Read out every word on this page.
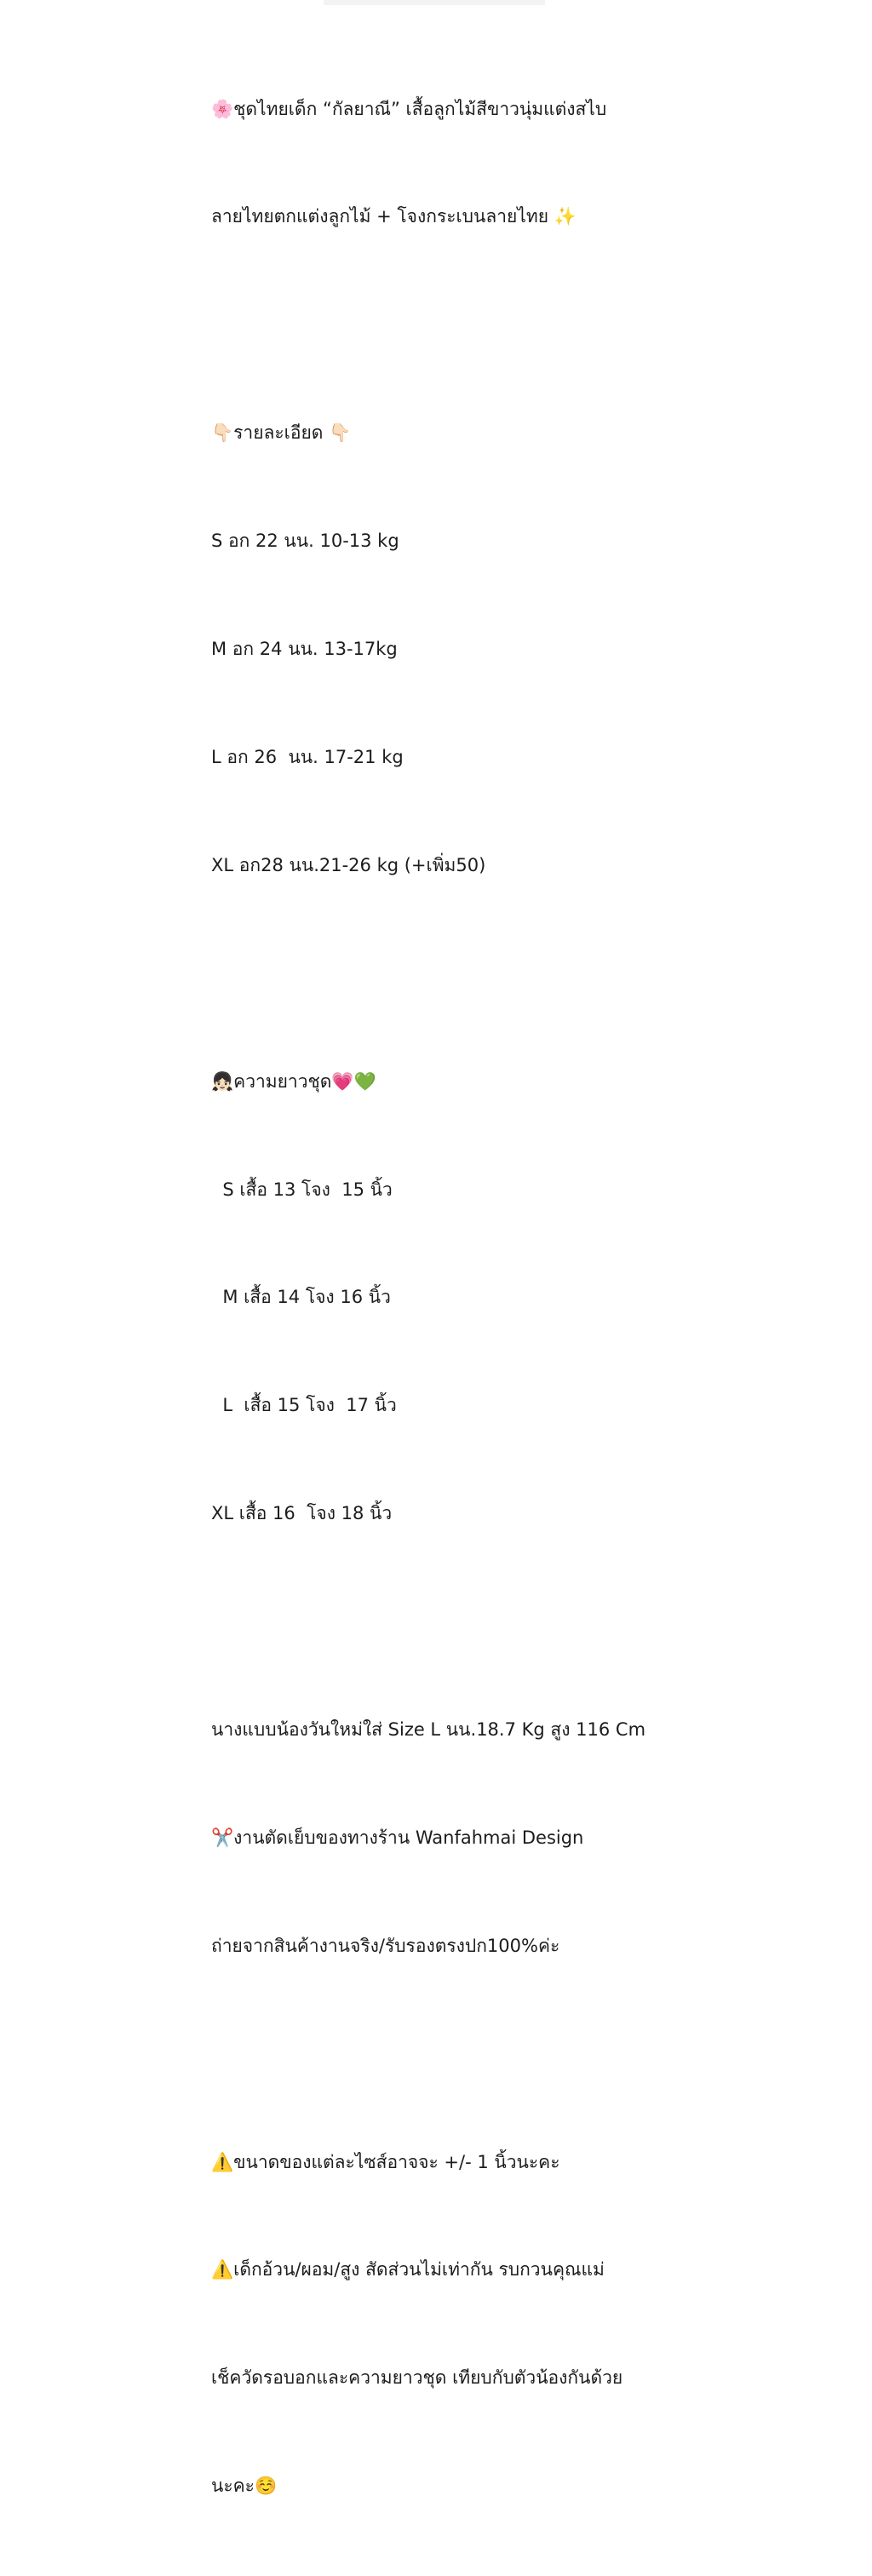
🌸ชุดไทยเด็ก “กัลยาณี” เสื้อลูกไม้สีขาวนุ่มแต่งสไบ

ลายไทยตกแต่งลูกไม้ + โจงกระเบนลายไทย ✨

👇🏻รายละเอียด 👇🏻

S อก 22 นน. 10-13 kg

M อก 24 นน. 13-17kg

L อก 26  นน. 17-21 kg

XL อก28 นน.21-26 kg (+เพิ่ม50)

👧🏻ความยาวชุด💗💚

S เสื้อ 13 โจง  15 นิ้ว

M เสื้อ 14 โจง 16 นิ้ว

L  เสื้อ 15 โจง  17 นิ้ว

XL เสื้อ 16  โจง 18 นิ้ว

นางแบบน้องวันใหม่ใส่ Size L นน.18.7 Kg สูง 116 Cm

✂️งานตัดเย็บของทางร้าน Wanfahmai Design

ถ่ายจากสินค้างานจริง/รับรองตรงปก100%ค่ะ

⚠️ขนาดของแต่ละไซส์อาจจะ +/- 1 นิ้วนะคะ

⚠️เด็กอ้วน/ผอม/สูง สัดส่วนไม่เท่ากัน รบกวนคุณแม่

เช็ควัดรอบอกและความยาวชุด เทียบกับตัวน้องกันด้วย

นะคะ☺️
